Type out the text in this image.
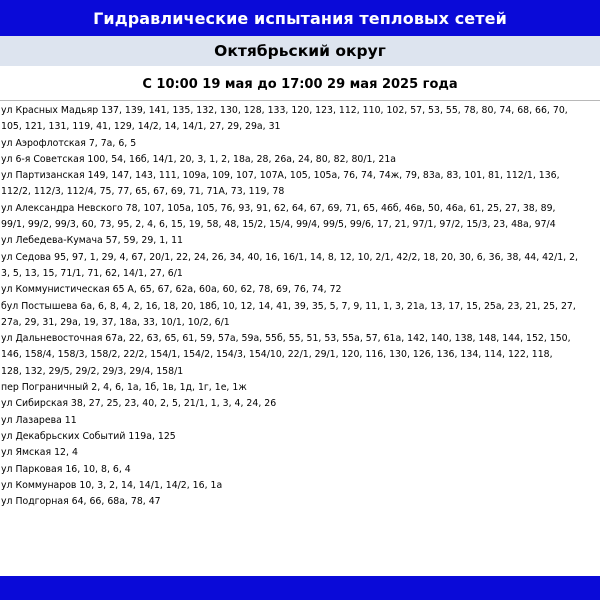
Гидравлические испытания тепловых сетей
Октябрьский округ
С 10:00 19 мая до 17:00 29 мая 2025 года
ул Красных Мадьяр 137, 139, 141, 135, 132, 130, 128, 133, 120, 123, 112, 110, 102, 57, 53, 55, 78, 80, 74, 68, 66, 70,
105, 121, 131, 119, 41, 129, 14/2, 14, 14/1, 27, 29, 29а, 31
ул Аэрофлотская 7, 7а, 6, 5
ул 6-я Советская 100, 54, 16б, 14/1, 20, 3, 1, 2, 18а, 28, 26а, 24, 80, 82, 80/1, 21а
ул Партизанская 149, 147, 143, 111, 109а, 109, 107, 107А, 105, 105а, 76, 74, 74ж, 79, 83а, 83, 101, 81, 112/1, 136,
112/2, 112/3, 112/4, 75, 77, 65, 67, 69, 71, 71А, 73, 119, 78
ул Александра Невского 78, 107, 105а, 105, 76, 93, 91, 62, 64, 67, 69, 71, 65, 46б, 46в, 50, 46а, 61, 25, 27, 38, 89,
99/1, 99/2, 99/3, 60, 73, 95, 2, 4, 6, 15, 19, 58, 48, 15/2, 15/4, 99/4, 99/5, 99/6, 17, 21, 97/1, 97/2, 15/3, 23, 48а, 97/4
ул Лебедева-Кумача 57, 59, 29, 1, 11
ул Седова 95, 97, 1, 29, 4, 67, 20/1, 22, 24, 26, 34, 40, 16, 16/1, 14, 8, 12, 10, 2/1, 42/2, 18, 20, 30, 6, 36, 38, 44, 42/1, 2,
3, 5, 13, 15, 71/1, 71, 62, 14/1, 27, 6/1
ул Коммунистическая 65 А, 65, 67, 62а, 60а, 60, 62, 78, 69, 76, 74, 72
бул Постышева 6а, 6, 8, 4, 2, 16, 18, 20, 18б, 10, 12, 14, 41, 39, 35, 5, 7, 9, 11, 1, 3, 21а, 13, 17, 15, 25а, 23, 21, 25, 27,
27а, 29, 31, 29а, 19, 37, 18а, 33, 10/1, 10/2, 6/1
ул Дальневосточная 67а, 22, 63, 65, 61, 59, 57а, 59а, 55б, 55, 51, 53, 55а, 57, 61а, 142, 140, 138, 148, 144, 152, 150,
146, 158/4, 158/3, 158/2, 22/2, 154/1, 154/2, 154/3, 154/10, 22/1, 29/1, 120, 116, 130, 126, 136, 134, 114, 122, 118,
128, 132, 29/5, 29/2, 29/3, 29/4, 158/1
пер Пограничный 2, 4, 6, 1а, 1б, 1в, 1д, 1г, 1е, 1ж
ул Сибирская 38, 27, 25, 23, 40, 2, 5, 21/1, 1, 3, 4, 24, 26
ул Лазарева 11
ул Декабрьских Событий 119а, 125
ул Ямская 12, 4
ул Парковая 16, 10, 8, 6, 4
ул Коммунаров 10, 3, 2, 14, 14/1, 14/2, 16, 1а
ул Подгорная 64, 66, 68а, 78, 47
